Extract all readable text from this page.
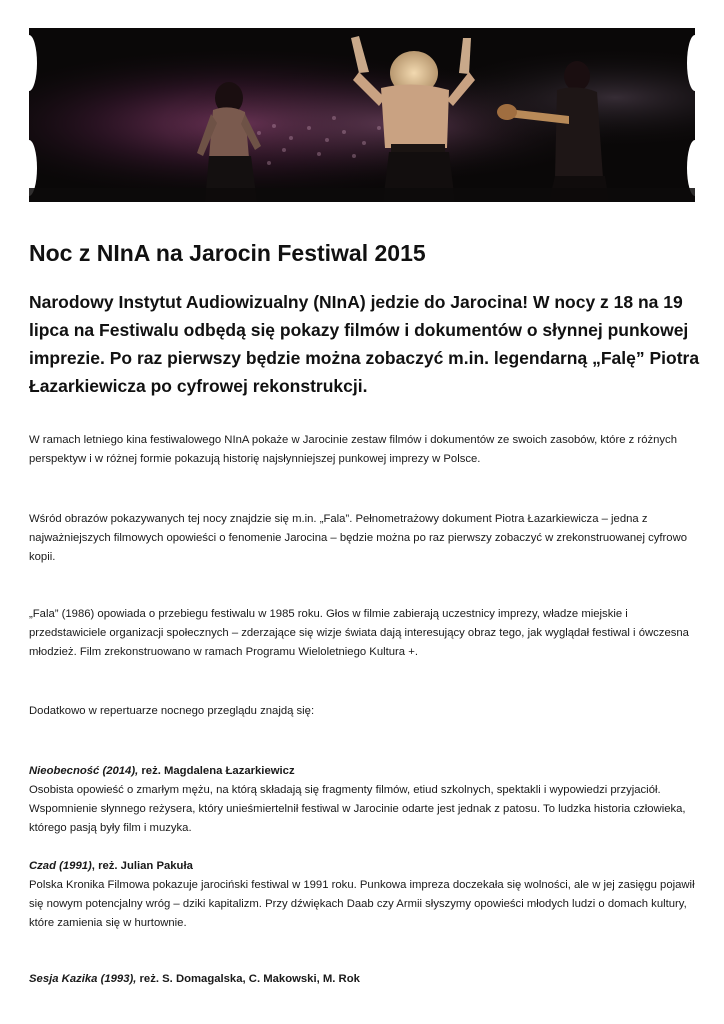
Noc z NInA na Jarocin Festiwal 2015

Narodowy Instytut Audiowizualny (NInA) jedzie do Jarocina! W nocy z 18 na 19 lipca na Festiwalu odbędą się pokazy filmów i dokumentów o słynnej punkowej imprezie. Po raz pierwszy będzie można zobaczyć m.in. legendarną „Falę” Piotra Łazarkiewicza po cyfrowej rekonstrukcji.

W ramach letniego kina festiwalowego NInA pokaże w Jarocinie zestaw filmów i dokumentów ze swoich zasobów, które z różnych perspektyw i w różnej formie pokazują historię najsłynniejszej punkowej imprezy w Polsce.

Wśród obrazów pokazywanych tej nocy znajdzie się m.in. „Fala”. Pełnometrażowy dokument Piotra Łazarkiewicza – jedna z najważniejszych filmowych opowieści o fenomenie Jarocina – będzie można po raz pierwszy zobaczyć w zrekonstruowanej cyfrowo kopii.

„Fala” (1986) opowiada o przebiegu festiwalu w 1985 roku. Głos w filmie zabierają uczestnicy imprezy, władze miejskie i przedstawiciele organizacji społecznych – zderzające się wizje świata dają interesujący obraz tego, jak wyglądał festiwal i ówczesna młodzież. Film zrekonstruowano w ramach Programu Wieloletniego Kultura +.

Dodatkowo w repertuarze nocnego przeglądu znajdą się:

Nieobecność (2014), reż. Magdalena Łazarkiewicz
Osobista opowieść o zmarłym mężu, na którą składają się fragmenty filmów, etiud szkolnych, spektakli i wypowiedzi przyjaciół. Wspomnienie słynnego reżysera, który unieśmiertelnił festiwal w Jarocinie odarte jest jednak z patosu. To ludzka historia człowieka, którego pasją były film i muzyka.
Czad (1991), reż. Julian Pakuła
Polska Kronika Filmowa pokazuje jarociński festiwal w 1991 roku. Punkowa impreza doczekała się wolności, ale w jej zasięgu pojawił się nowym potencjalny wróg – dziki kapitalizm. Przy dźwiękach Daab czy Armii słyszymy opowieści młodych ludzi o domach kultury, które zamienia się w hurtownie.
Sesja Kazika (1993), reż. S. Domagalska, C. Makowski, M. Rok
